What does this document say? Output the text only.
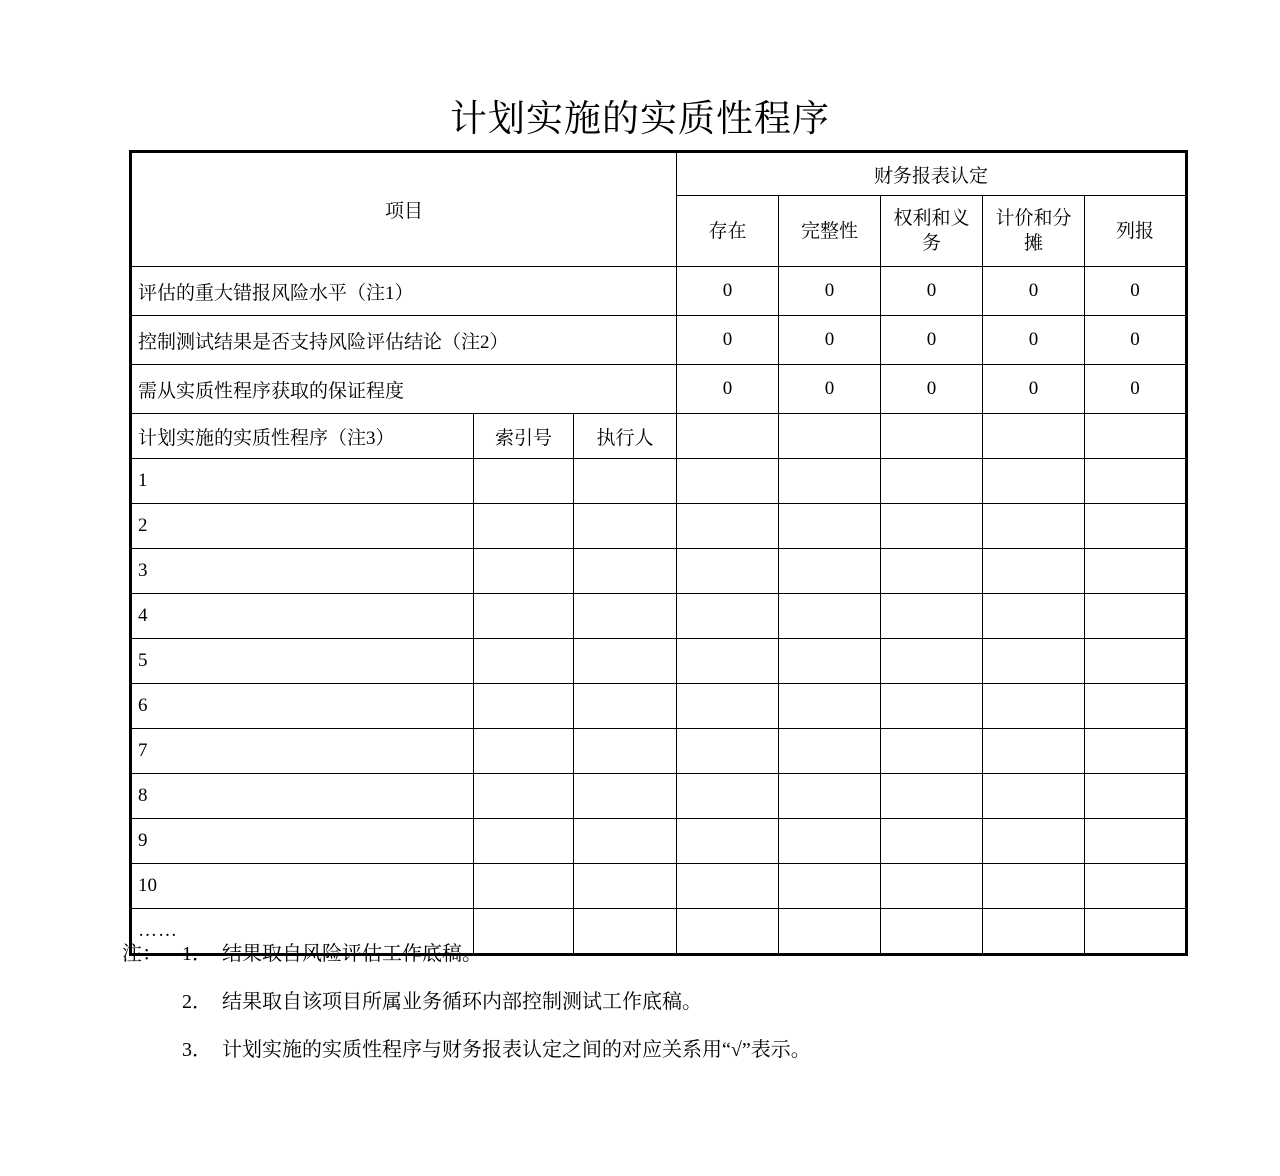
计划实施的实质性程序
项目			财务报表认定				
			存在	完整性	权利和义务	计价和分摊	列报
评估的重大错报风险水平（注1）			0	0	0	0	0
控制测试结果是否支持风险评估结论（注2）			0	0	0	0	0
需从实质性程序获取的保证程度			0	0	0	0	0
计划实施的实质性程序（注3）	索引号	执行人					
1							
2							
3							
4							
5							
6							
7							
8							
9							
10							
……							
注：	1． 结果取自风险评估工作底稿。
2． 结果取自该项目所属业务循环内部控制测试工作底稿。
3． 计划实施的实质性程序与财务报表认定之间的对应关系用“√”表示。
